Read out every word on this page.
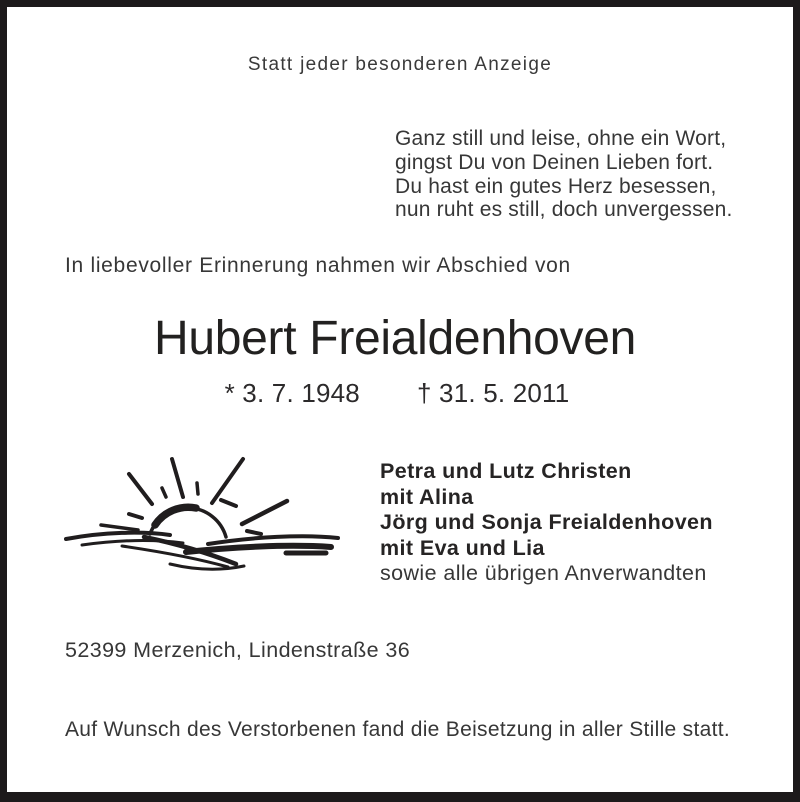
Statt jeder besonderen Anzeige
Ganz still und leise, ohne ein Wort,
gingst Du von Deinen Lieben fort.
Du hast ein gutes Herz besessen,
nun ruht es still, doch unvergessen.
In liebevoller Erinnerung nahmen wir Abschied von
Hubert Freialdenhoven
* 3. 7. 1948 † 31. 5. 2011
Petra und Lutz Christen
mit Alina
Jörg und Sonja Freialdenhoven
mit Eva und Lia
sowie alle übrigen Anverwandten
52399 Merzenich, Lindenstraße 36
Auf Wunsch des Verstorbenen fand die Beisetzung in aller Stille statt.
